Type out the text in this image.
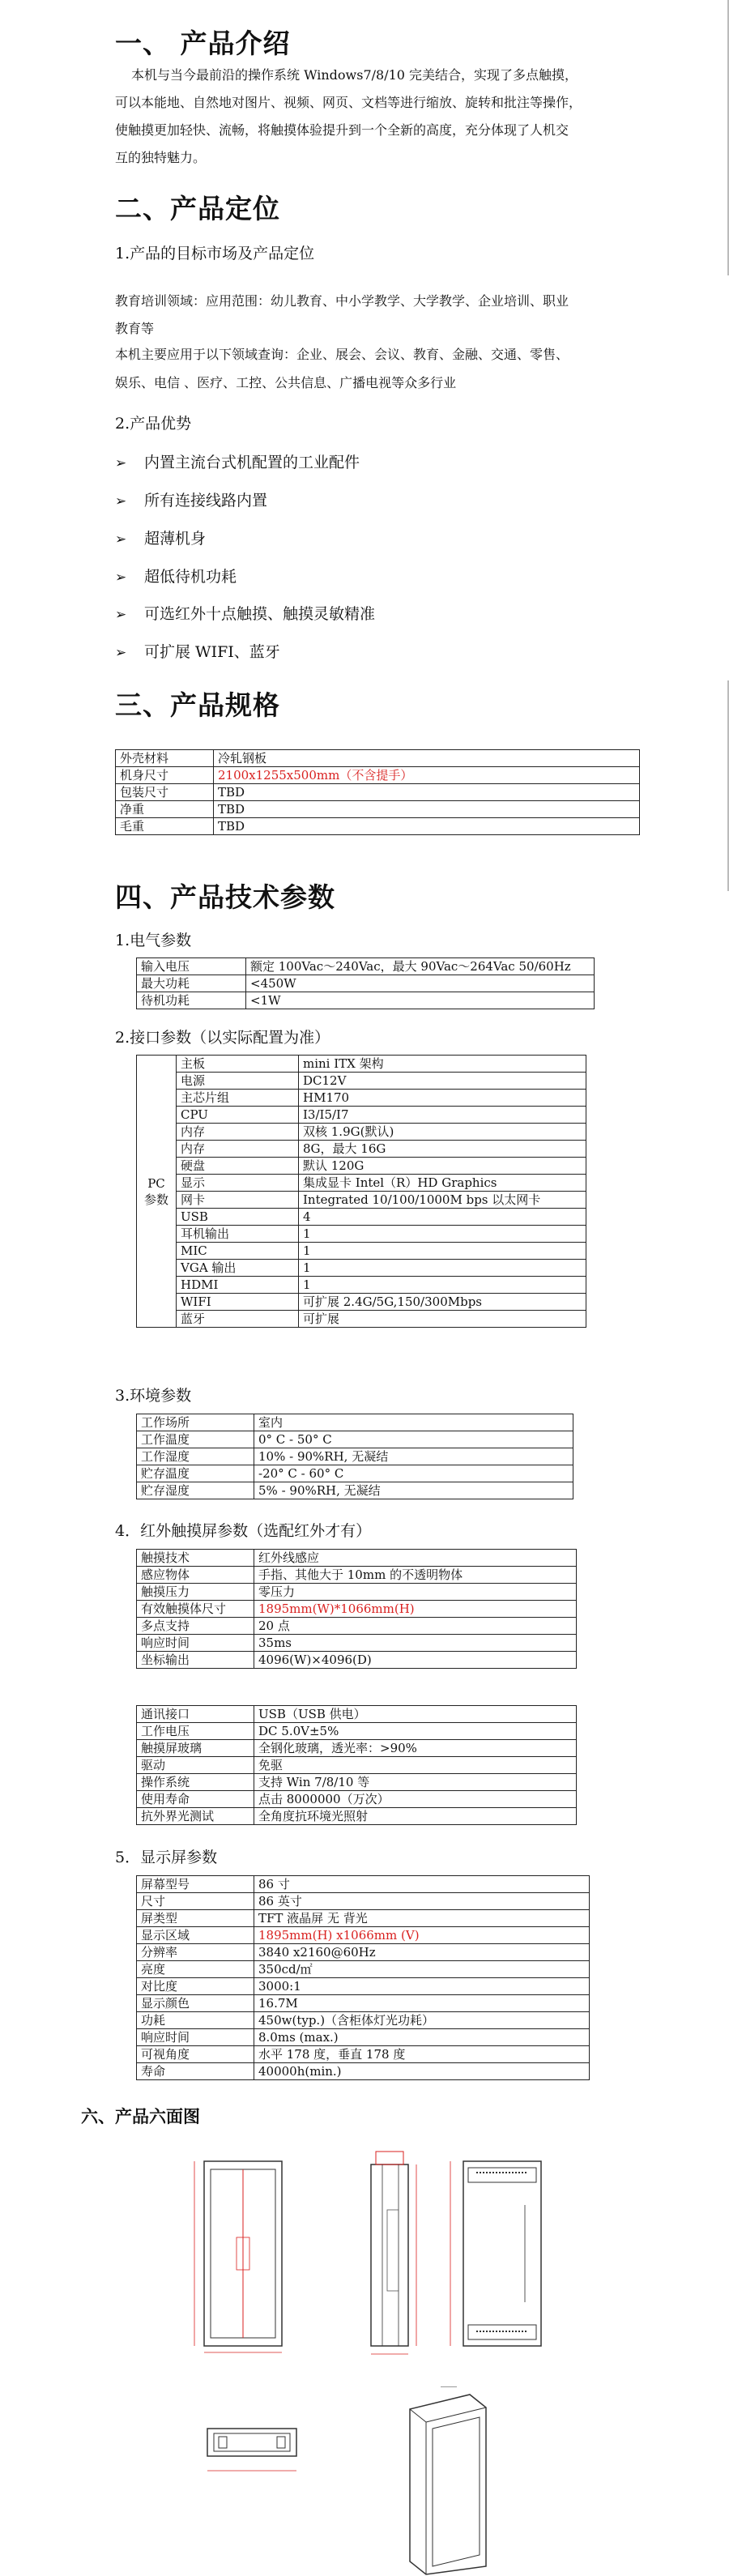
一、 产品介绍

本机与当今最前沿的操作系统 Windows7/8/10 完美结合，实现了多点触摸，

可以本能地、自然地对图片、视频、网页、文档等进行缩放、旋转和批注等操作，

使触摸更加轻快、流畅，将触摸体验提升到一个全新的高度，充分体现了人机交

互的独特魅力。

二、产品定位

1.产品的目标市场及产品定位

教育培训领域：应用范围：幼儿教育、中小学教学、大学教学、企业培训、职业

教育等

本机主要应用于以下领域查询：企业、展会、会议、教育、金融、交通、零售、

娱乐、电信 、医疗、工控、公共信息、广播电视等众多行业

2.产品优势

➢ 内置主流台式机配置的工业配件

➢ 所有连接线路内置

➢ 超薄机身

➢ 超低待机功耗

➢ 可选红外十点触摸、触摸灵敏精准

➢ 可扩展 WIFI、蓝牙

三、产品规格
外壳材料	冷轧钢板
机身尺寸	2100x1255x500mm（不含提手）
包装尺寸	TBD
净重	TBD
毛重	TBD
四、产品技术参数

1.电气参数

输入电压	额定 100Vac～240Vac，最大 90Vac～264Vac 50/60Hz
最大功耗	<450W
待机功耗	<1W

2.接口参数（以实际配置为准）

PC 参数	主板	mini ITX 架构
	电源	DC12V
	主芯片组	HM170
	CPU	I3/I5/I7
	内存	双核 1.9G(默认)
	内存	8G，最大 16G
	硬盘	默认 120G
	显示	集成显卡 Intel（R）HD Graphics
	网卡	Integrated 10/100/1000M bps 以太网卡
	USB	4
	耳机输出	1
	MIC	1
	VGA 输出	1
	HDMI	1
	WIFI	可扩展 2.4G/5G,150/300Mbps
	蓝牙	可扩展

3.环境参数

工作场所	室内
工作温度	0° C - 50° C
工作湿度	10% - 90%RH, 无凝结
贮存温度	-20° C - 60° C
贮存湿度	5% - 90%RH, 无凝结

4．红外触摸屏参数（选配红外才有）

触摸技术	红外线感应
感应物体	手指、其他大于 10mm 的不透明物体
触摸压力	零压力
有效触摸体尺寸	1895mm(W)*1066mm(H)
多点支持	20 点
响应时间	35ms
坐标输出	4096(W)×4096(D)
通讯接口	USB（USB 供电）
工作电压	DC 5.0V±5%
触摸屏玻璃	全钢化玻璃，透光率：>90%
驱动	免驱
操作系统	支持 Win 7/8/10 等
使用寿命	点击 8000000（万次）
抗外界光测试	全角度抗环境光照射

5．显示屏参数

屏幕型号	86 寸
尺寸	86 英寸
屏类型	TFT 液晶屏 无 背光
显示区域	1895mm(H) x1066mm (V)
分辨率	3840 x2160@60Hz
亮度	350cd/㎡
对比度	3000:1
显示颜色	16.7M
功耗	450w(typ.)（含柜体灯光功耗）
响应时间	8.0ms (max.)
可视角度	水平 178 度，垂直 178 度
寿命	40000h(min.)

六、产品六面图
